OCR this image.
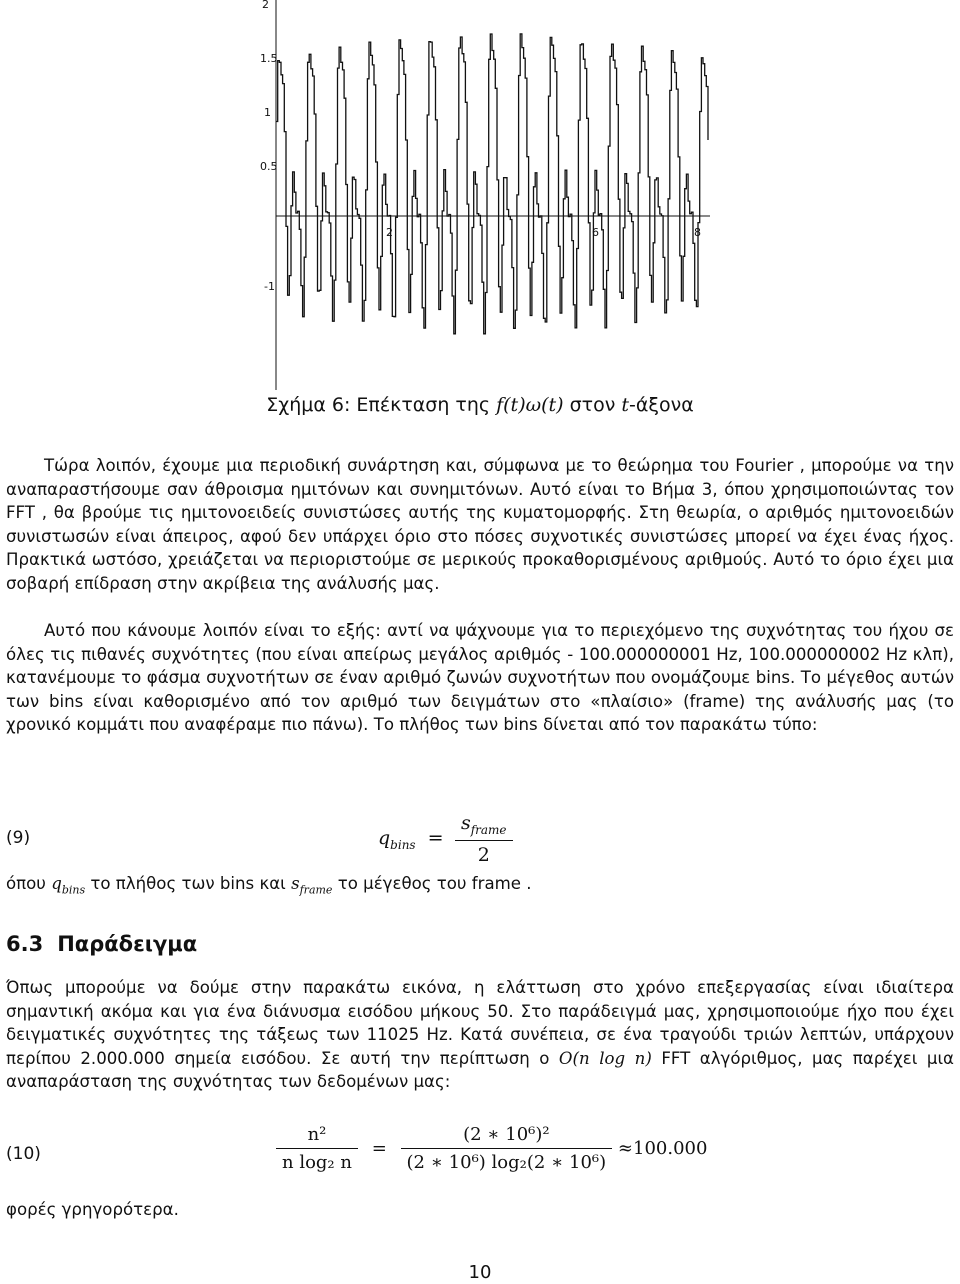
2
1.5
1
0.5
-1
2	6	8
Σχήμα 6: Επέκταση της f(t)ω(t) στον t-άξονα

Τώρα λοιπόν, έχουμε μια περιοδική συνάρτηση και, σύμφωνα με το θεώρημα του Fourier , μπορούμε να την αναπαραστήσουμε σαν άθροισμα ημιτόνων και συνημιτόνων. Αυτό είναι το Βήμα 3, όπου χρησιμοποιώντας τον FFT , θα βρούμε τις ημιτονοειδείς συνιστώσες αυτής της κυματομορφής. Στη θεωρία, ο αριθμός ημιτονοειδών συνιστωσών είναι άπειρος, αφού δεν υπάρχει όριο στο πόσες συχνοτικές συνιστώσες μπορεί να έχει ένας ήχος. Πρακτικά ωστόσο, χρειάζεται να περιοριστούμε σε μερικούς προκαθορισμένους αριθμούς. Αυτό το όριο έχει μια σοβαρή επίδραση στην ακρίβεια της ανάλυσής μας.

Αυτό που κάνουμε λοιπόν είναι το εξής: αντί να ψάχνουμε για το περιεχόμενο της συχνότητας του ήχου σε όλες τις πιθανές συχνότητες (που είναι απείρως μεγάλος αριθμός - 100.000000001 Hz, 100.000000002 Hz κλπ), κατανέμουμε το φάσμα συχνοτήτων σε έναν αριθμό ζωνών συχνοτήτων που ονομάζουμε bins. Το μέγεθος αυτών των bins είναι καθορισμένο από τον αριθμό των δειγμάτων στο «πλαίσιο» (frame) της ανάλυσής μας (το χρονικό κομμάτι που αναφέραμε πιο πάνω). Το πλήθος των bins δίνεται από τον παρακάτω τύπο:

(9)	$q_{bins} = \frac{s_{frame}}{2}$

όπου $q_{bins}$ το πλήθος των bins και $s_{frame}$ το μέγεθος του frame .

6.3 Παράδειγμα

Όπως μπορούμε να δούμε στην παρακάτω εικόνα, η ελάττωση στο χρόνο επεξεργασίας είναι ιδιαίτερα σημαντική ακόμα και για ένα διάνυσμα εισόδου μήκους 50. Στο παράδειγμά μας, χρησιμοποιούμε ήχο που έχει δειγματικές συχνότητες της τάξεως των 11025 Hz. Κατά συνέπεια, σε ένα τραγούδι τριών λεπτών, υπάρχουν περίπου 2.000.000 σημεία εισόδου. Σε αυτή την περίπτωση ο O(n log n) FFT αλγόριθμος, μας παρέχει μια αναπαράσταση της συχνότητας των δεδομένων μας:

(10)	$\frac{\text{n²}}{\text{n log₂ n}} = \frac{\text{(2 ∗ 10⁶)²}}{\text{(2 ∗ 10⁶) log₂(2 ∗ 10⁶)}} \approx 100.000$

φορές γρηγορότερα.

10
